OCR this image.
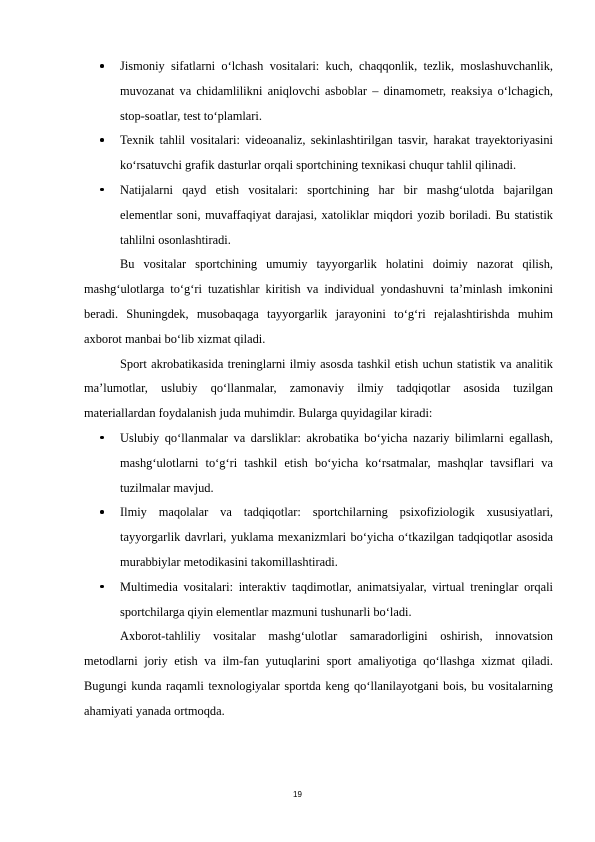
Jismoniy sifatlarni o‘lchash vositalari: kuch, chaqqonlik, tezlik, moslashuvchanlik, muvozanat va chidamlilikni aniqlovchi asboblar – dinamometr, reaksiya o‘lchagich, stop-soatlar, test to‘plamlari.
Texnik tahlil vositalari: videoanaliz, sekinlashtirilgan tasvir, harakat trayektoriyasini ko‘rsatuvchi grafik dasturlar orqali sportchining texnikasi chuqur tahlil qilinadi.
Natijalarni qayd etish vositalari: sportchining har bir mashg‘ulotda bajarilgan elementlar soni, muvaffaqiyat darajasi, xatoliklar miqdori yozib boriladi. Bu statistik tahlilni osonlashtiradi.

Bu vositalar sportchining umumiy tayyorgarlik holatini doimiy nazorat qilish, mashg‘ulotlarga to‘g‘ri tuzatishlar kiritish va individual yondashuvni ta’minlash imkonini beradi. Shuningdek, musobaqaga tayyorgarlik jarayonini to‘g‘ri rejalashtirishda muhim axborot manbai bo‘lib xizmat qiladi.

Sport akrobatikasida treninglarni ilmiy asosda tashkil etish uchun statistik va analitik ma’lumotlar, uslubiy qo‘llanmalar, zamonaviy ilmiy tadqiqotlar asosida tuzilgan materiallardan foydalanish juda muhimdir. Bularga quyidagilar kiradi:

Uslubiy qo‘llanmalar va darsliklar: akrobatika bo‘yicha nazariy bilimlarni egallash, mashg‘ulotlarni to‘g‘ri tashkil etish bo‘yicha ko‘rsatmalar, mashqlar tavsiflari va tuzilmalar mavjud.
Ilmiy maqolalar va tadqiqotlar: sportchilarning psixofiziologik xususiyatlari, tayyorgarlik davrlari, yuklama mexanizmlari bo‘yicha o‘tkazilgan tadqiqotlar asosida murabbiylar metodikasini takomillashtiradi.
Multimedia vositalari: interaktiv taqdimotlar, animatsiyalar, virtual treninglar orqali sportchilarga qiyin elementlar mazmuni tushunarli bo‘ladi.

Axborot-tahliliy vositalar mashg‘ulotlar samaradorligini oshirish, innovatsion metodlarni joriy etish va ilm-fan yutuqlarini sport amaliyotiga qo‘llashga xizmat qiladi. Bugungi kunda raqamli texnologiyalar sportda keng qo‘llanilayotgani bois, bu vositalarning ahamiyati yanada ortmoqda.

19
